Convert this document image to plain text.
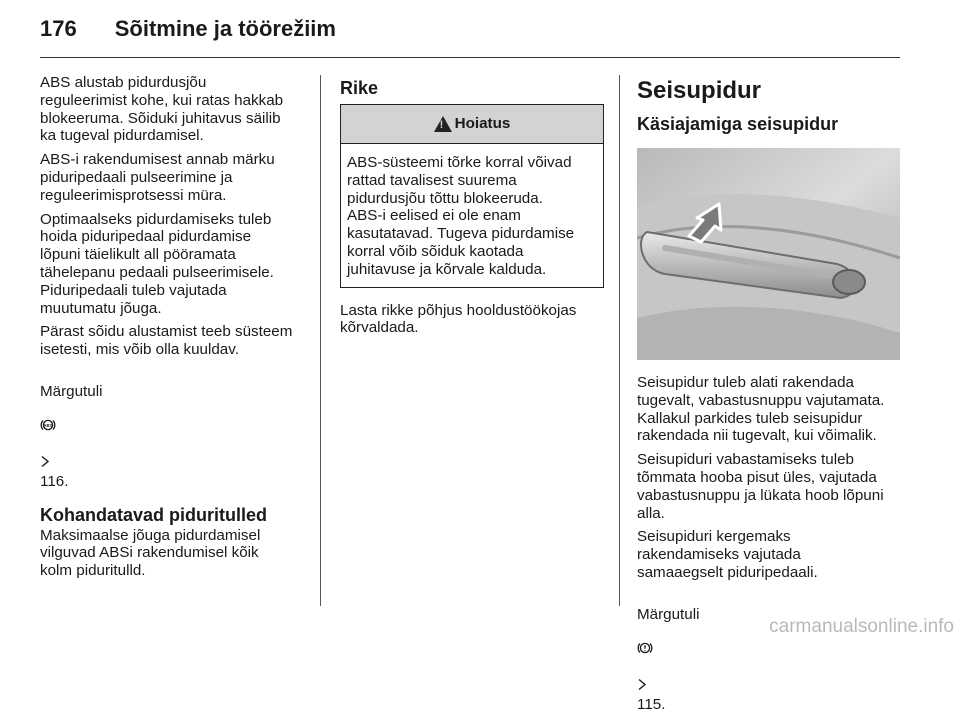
176 Sõitmine ja töörežiim

ABS alustab pidurdusjõu
reguleerimist kohe, kui ratas hakkab
blokeeruma. Sõiduki juhitavus säilib
ka tugeval pidurdamisel.

ABS-i rakendumisest annab märku
piduripedaali pulseerimine ja
reguleerimisprotsessi müra.

Optimaalseks pidurdamiseks tuleb
hoida piduripedaal pidurdamise
lõpuni täielikult all pööramata
tähelepanu pedaali pulseerimisele.
Piduripedaali tuleb vajutada
muutumatu jõuga.

Pärast sõidu alustamist teeb süsteem
isetesti, mis võib olla kuuldav.

Märgutuli

ABS

116.

Kohandatavad piduritulled

Maksimaalse jõuga pidurdamisel
vilguvad ABSi rakendumisel kõik
kolm piduritulld.

Rike
! Hoiatus
ABS-süsteemi tõrke korral võivad
rattad tavalisest suurema
pidurdusjõu tõttu blokeeruda.
ABS-i eelised ei ole enam
kasutatavad. Tugeva pidurdamise
korral võib sõiduk kaotada
juhitavuse ja kõrvale kalduda.

Lasta rikke põhjus hooldustöökojas
kõrvaldada.

Seisupidur
Käsiajamiga seisupidur

Seisupidur tuleb alati rakendada
tugevalt, vabastusnuppu vajutamata.
Kallakul parkides tuleb seisupidur
rakendada nii tugevalt, kui võimalik.

Seisupiduri vabastamiseks tuleb
tõmmata hooba pisut üles, vajutada
vabastusnuppu ja lükata hoob lõpuni
alla.

Seisupiduri kergemaks
rakendamiseks vajutada
samaaegselt piduripedaali.

Märgutuli

115.

carmanualsonline.info
